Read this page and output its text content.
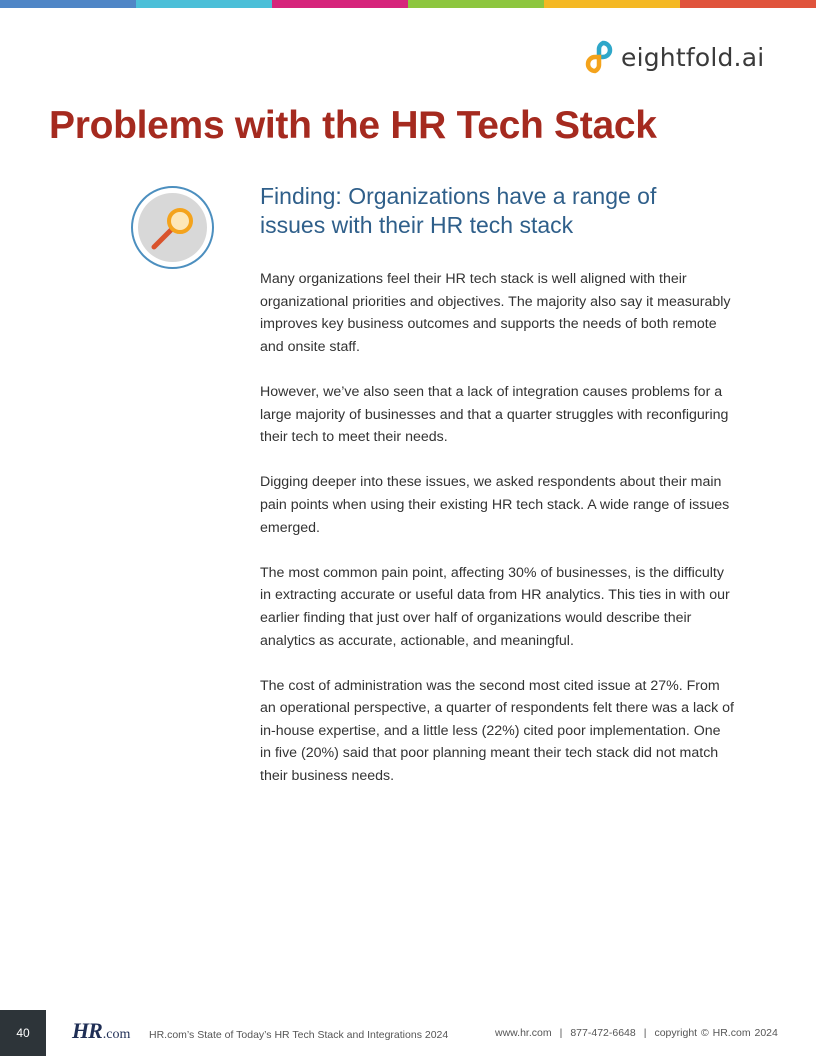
eightfold.ai
Problems with the HR Tech Stack
Finding: Organizations have a range of issues with their HR tech stack

Many organizations feel their HR tech stack is well aligned with their organizational priorities and objectives. The majority also say it measurably improves key business outcomes and supports the needs of both remote and onsite staff.

However, we’ve also seen that a lack of integration causes problems for a large majority of businesses and that a quarter struggles with reconfiguring their tech to meet their needs.

Digging deeper into these issues, we asked respondents about their main pain points when using their existing HR tech stack. A wide range of issues emerged.

The most common pain point, affecting 30% of businesses, is the difficulty in extracting accurate or useful data from HR analytics. This ties in with our earlier finding that just over half of organizations would describe their analytics as accurate, actionable, and meaningful.

The cost of administration was the second most cited issue at 27%. From an operational perspective, a quarter of respondents felt there was a lack of in-house expertise, and a little less (22%) cited poor implementation. One in five (20%) said that poor planning meant their tech stack did not match their business needs.

40	HR .com HR.com’s State of Today’s HR Tech Stack and Integrations 2024	www.hr.com | 877-472-6648 | copyright © HR.com 2024
